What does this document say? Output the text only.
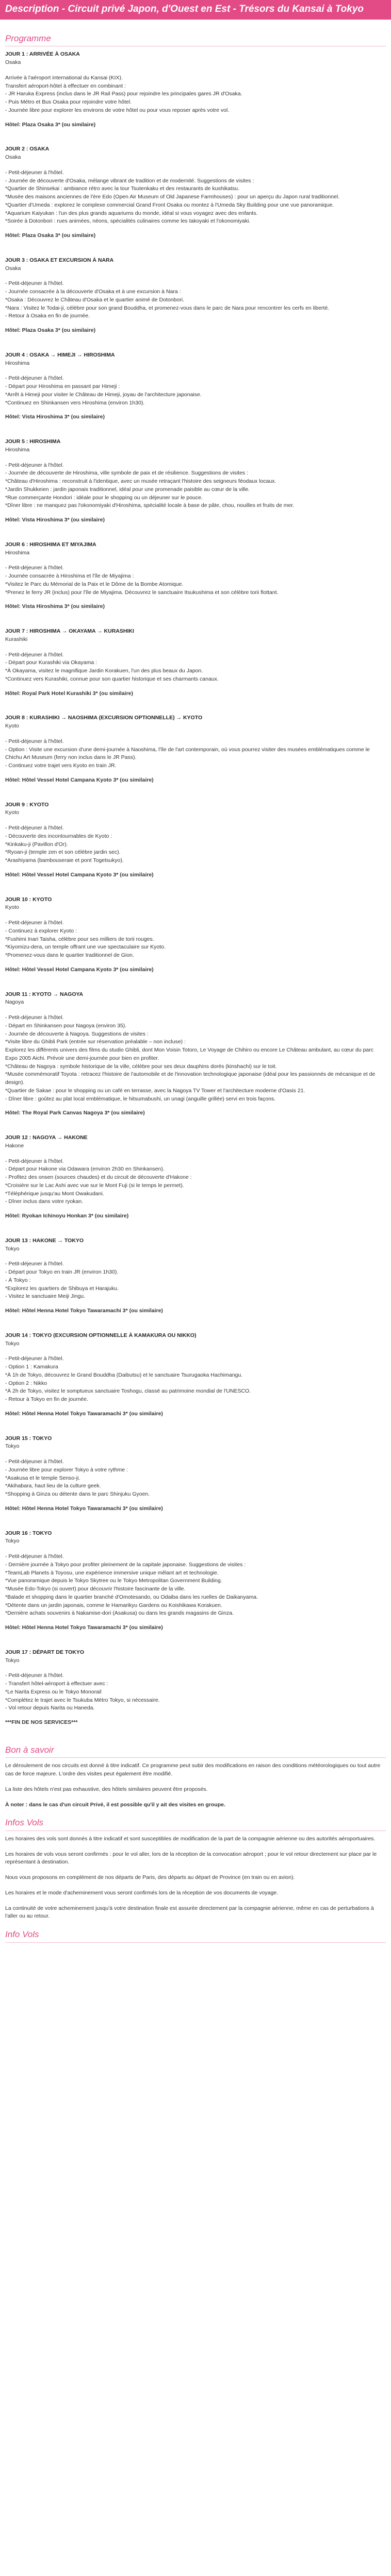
Description - Circuit privé Japon, d'Ouest en Est - Trésors du Kansai à Tokyo
Programme

JOUR 1 : ARRIVÉE À OSAKA

Osaka

Arrivée à l'aéroport international du Kansai (KIX).

Transfert aéroport-hôtel à effectuer en combinant :

- JR Haruka Express (inclus dans le JR Rail Pass) pour rejoindre les principales gares JR d'Osaka.

- Puis Métro et Bus Osaka pour rejoindre votre hôtel.

- Journée libre pour explorer les environs de votre hôtel ou pour vous reposer après votre vol.

Hôtel: Plaza Osaka 3* (ou similaire)

JOUR 2 : OSAKA

Osaka

- Petit-déjeuner à l'hôtel.

- Journée de découverte d'Osaka, mélange vibrant de tradition et de modernité. Suggestions de visites :

*Quartier de Shinsekai : ambiance rétro avec la tour Tsutenkaku et des restaurants de kushikatsu.

*Musée des maisons anciennes de l'ère Edo (Open Air Museum of Old Japanese Farmhouses) : pour un aperçu du Japon rural traditionnel.

*Quartier d'Umeda : explorez le complexe commercial Grand Front Osaka ou montez à l'Umeda Sky Building pour une vue panoramique.

*Aquarium Kaiyukan : l'un des plus grands aquariums du monde, idéal si vous voyagez avec des enfants.

*Soirée à Dotonbori : rues animées, néons, spécialités culinaires comme les takoyaki et l'okonomiyaki.

Hôtel: Plaza Osaka 3* (ou similaire)

JOUR 3 : OSAKA ET EXCURSION À NARA

Osaka

- Petit-déjeuner à l'hôtel.

- Journée consacrée à la découverte d'Osaka et à une excursion à Nara :

*Osaka : Découvrez le Château d'Osaka et le quartier animé de Dotonbori.

*Nara : Visitez le Todai-ji, célèbre pour son grand Bouddha, et promenez-vous dans le parc de Nara pour rencontrer les cerfs en liberté.

- Retour à Osaka en fin de journée.

Hôtel: Plaza Osaka 3* (ou similaire)

JOUR 4 : OSAKA → HIMEJI → HIROSHIMA

Hiroshima

- Petit-déjeuner à l'hôtel.

- Départ pour Hiroshima en passant par Himeji :

*Arrêt à Himeji pour visiter le Château de Himeji, joyau de l'architecture japonaise.

*Continuez en Shinkansen vers Hiroshima (environ 1h30).

Hôtel: Vista Hiroshima 3* (ou similaire)

JOUR 5 : HIROSHIMA

Hiroshima

- Petit-déjeuner à l'hôtel.

- Journée de découverte de Hiroshima, ville symbole de paix et de résilience. Suggestions de visites :

*Château d'Hiroshima : reconstruit à l'identique, avec un musée retraçant l'histoire des seigneurs féodaux locaux.

*Jardin Shukkeien : jardin japonais traditionnel, idéal pour une promenade paisible au cœur de la ville.

*Rue commerçante Hondori : idéale pour le shopping ou un déjeuner sur le pouce.

*Dîner libre : ne manquez pas l'okonomiyaki d'Hiroshima, spécialité locale à base de pâte, chou, nouilles et fruits de mer.

Hôtel: Vista Hiroshima 3* (ou similaire)

JOUR 6 : HIROSHIMA ET MIYAJIMA

Hiroshima

- Petit-déjeuner à l'hôtel.

- Journée consacrée à Hiroshima et l'île de Miyajima :

*Visitez le Parc du Mémorial de la Paix et le Dôme de la Bombe Atomique.

*Prenez le ferry JR (inclus) pour l'île de Miyajima. Découvrez le sanctuaire Itsukushima et son célèbre torii flottant.

Hôtel: Vista Hiroshima 3* (ou similaire)

JOUR 7 : HIROSHIMA → OKAYAMA → KURASHIKI

Kurashiki

- Petit-déjeuner à l'hôtel.

- Départ pour Kurashiki via Okayama :

*À Okayama, visitez le magnifique Jardin Korakuen, l'un des plus beaux du Japon.

*Continuez vers Kurashiki, connue pour son quartier historique et ses charmants canaux.

Hôtel: Royal Park Hotel Kurashiki 3* (ou similaire)

JOUR 8 : KURASHIKI → NAOSHIMA (EXCURSION OPTIONNELLE) → KYOTO

Kyoto

- Petit-déjeuner à l'hôtel.

- Option : Visite une excursion d'une demi-journée à Naoshima, l'île de l'art contemporain, où vous pourrez visiter des musées emblématiques comme le Chichu Art Museum (ferry non inclus dans le JR Pass).

- Continuez votre trajet vers Kyoto en train JR.

Hôtel: Hôtel Vessel Hotel Campana Kyoto 3* (ou similaire)

JOUR 9 : KYOTO

Kyoto

- Petit-déjeuner à l'hôtel.

- Découverte des incontournables de Kyoto :

*Kinkaku-ji (Pavillon d'Or).

*Ryoan-ji (temple zen et son célèbre jardin sec).

*Arashiyama (bambouseraie et pont Togetsukyo).

Hôtel: Hôtel Vessel Hotel Campana Kyoto 3* (ou similaire)

JOUR 10 : KYOTO

Kyoto

- Petit-déjeuner à l'hôtel.

- Continuez à explorer Kyoto :

*Fushimi Inari Taisha, célèbre pour ses milliers de torii rouges.

*Kiyomizu-dera, un temple offrant une vue spectaculaire sur Kyoto.

*Promenez-vous dans le quartier traditionnel de Gion.

Hôtel: Hôtel Vessel Hotel Campana Kyoto 3* (ou similaire)

JOUR 11 : KYOTO → NAGOYA

Nagoya

- Petit-déjeuner à l'hôtel.

- Départ en Shinkansen pour Nagoya (environ 35).

- Journée de découverte à Nagoya. Suggestions de visites :

*Visite libre du Ghibli Park (entrée sur réservation préalable – non incluse) :

Explorez les différents univers des films du studio Ghibli, dont Mon Voisin Totoro, Le Voyage de Chihiro ou encore Le Château ambulant, au cœur du parc Expo 2005 Aichi. Prévoir une demi-journée pour bien en profiter.

*Château de Nagoya : symbole historique de la ville, célèbre pour ses deux dauphins dorés (kinshachi) sur le toit.

*Musée commémoratif Toyota : retracez l'histoire de l'automobile et de l'innovation technologique japonaise (idéal pour les passionnés de mécanique et de design).

*Quartier de Sakae : pour le shopping ou un café en terrasse, avec la Nagoya TV Tower et l'architecture moderne d'Oasis 21.

- Dîner libre : goûtez au plat local emblématique, le hitsumabushi, un unagi (anguille grillée) servi en trois façons.

Hôtel: The Royal Park Canvas Nagoya 3* (ou similaire)

JOUR 12 : NAGOYA → HAKONE

Hakone

- Petit-déjeuner à l'hôtel.

- Départ pour Hakone via Odawara (environ 2h30 en Shinkansen).

- Profitez des onsen (sources chaudes) et du circuit de découverte d'Hakone :

*Croisière sur le Lac Ashi avec vue sur le Mont Fuji (si le temps le permet).

*Téléphérique jusqu'au Mont Owakudani.

- Dîner inclus dans votre ryokan.

Hôtel: Ryokan Ichinoyu Honkan 3* (ou similaire)

JOUR 13 : HAKONE → TOKYO

Tokyo

- Petit-déjeuner à l'hôtel.

- Départ pour Tokyo en train JR (environ 1h30).

- À Tokyo :

*Explorez les quartiers de Shibuya et Harajuku.

- Visitez le sanctuaire Meiji Jingu.

Hôtel: Hôtel Henna Hotel Tokyo Tawaramachi 3* (ou similaire)

JOUR 14 : TOKYO (EXCURSION OPTIONNELLE À KAMAKURA OU NIKKO)

Tokyo

- Petit-déjeuner à l'hôtel.

- Option 1 : Kamakura

*À 1h de Tokyo, découvrez le Grand Bouddha (Daibutsu) et le sanctuaire Tsurugaoka Hachimangu.

- Option 2 : Nikko

*À 2h de Tokyo, visitez le somptueux sanctuaire Toshogu, classé au patrimoine mondial de l'UNESCO.

- Retour à Tokyo en fin de journée.

Hôtel: Hôtel Henna Hotel Tokyo Tawaramachi 3* (ou similaire)

JOUR 15 : TOKYO

Tokyo

- Petit-déjeuner à l'hôtel.

- Journée libre pour explorer Tokyo à votre rythme :

*Asakusa et le temple Senso-ji.

*Akihabara, haut lieu de la culture geek.

*Shopping à Ginza ou détente dans le parc Shinjuku Gyoen.

Hôtel: Hôtel Henna Hotel Tokyo Tawaramachi 3* (ou similaire)

JOUR 16 : TOKYO

Tokyo

- Petit-déjeuner à l'hôtel.

- Dernière journée à Tokyo pour profiter pleinement de la capitale japonaise. Suggestions de visites :

*TeamLab Planets à Toyosu, une expérience immersive unique mêlant art et technologie.

*Vue panoramique depuis le Tokyo Skytree ou le Tokyo Metropolitan Government Building.

*Musée Edo-Tokyo (si ouvert) pour découvrir l'histoire fascinante de la ville.

*Balade et shopping dans le quartier branché d'Omotesando, ou Odaiba dans les ruelles de Daikanyama.

*Détente dans un jardin japonais, comme le Hamarikyu Gardens ou Koishikawa Korakuen.

*Dernière achats souvenirs à Nakamise-dori (Asakusa) ou dans les grands magasins de Ginza.

Hôtel: Hôtel Henna Hotel Tokyo Tawaramachi 3* (ou similaire)

JOUR 17 : DÉPART DE TOKYO

Tokyo

- Petit-déjeuner à l'hôtel.

- Transfert hôtel-aéroport à effectuer avec :

*Le Narita Express ou le Tokyo Monorail

*Complétez le trajet avec le Tsukuba Métro Tokyo, si nécessaire.

- Vol retour depuis Narita ou Haneda.

***FIN DE NOS SERVICES***

Bon à savoir

Le déroulement de nos circuits est donné à titre indicatif. Ce programme peut subir des modifications en raison des conditions météorologiques ou tout autre cas de force majeure. L'ordre des visites peut également être modifié.

La liste des hôtels n'est pas exhaustive, des hôtels similaires peuvent être proposés.

À noter : dans le cas d'un circuit Privé, il est possible qu'il y ait des visites en groupe.

Infos Vols

Les horaires des vols sont donnés à titre indicatif et sont susceptibles de modification de la part de la compagnie aérienne ou des autorités aéroportuaires.

Les horaires de vols vous seront confirmés : pour le vol aller, lors de la réception de la convocation aéroport ; pour le vol retour directement sur place par le représentant à destination.

Nous vous proposons en complément de nos départs de Paris, des départs au départ de Province (en train ou en avion).

Les horaires et le mode d'acheminement vous seront confirmés lors de la réception de vos documents de voyage.

La continuité de votre acheminement jusqu'à votre destination finale est assurée directement par la compagnie aérienne, même en cas de perturbations à l'aller ou au retour.

Info Vols
